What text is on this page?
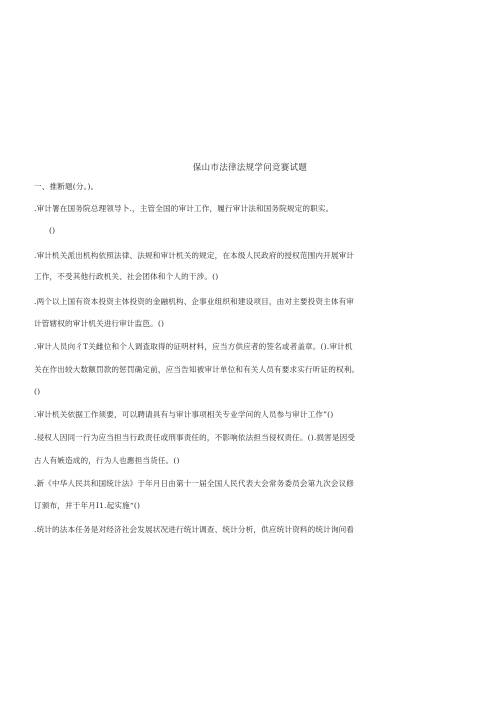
保山市法律法规学问竞赛试题
一、推断题(分。)。
.审计署在国务院总理领导卜.，主管全国的审计工作，履行审计法和国务院规定的职实。
()
.审计机关派出机构依照法律、法规和审计机关的规定，在本级人民政府的授权范围内开展审计
工作，不受其他行政机关、社会团体和个人的干涉。()
.两个以上国有资本投资主体投资的金融机构、企事业组织和建设项目，由对主要投资主体有审
计管辖权的审计机关进行审计监笆。()
.审计人员向彳T关雌位和个人调査取得的证明材料，应当方供应者的签名或者盖章。().审计机
关在作出较大数额罚款的惩罚确定前，应当告知被审计单位和有关人员有要求实行听证的权利。
()
.审计机关依据工作须要，可以聘请具有与审计事项相关专业学问的人员参与审计工作”()
.侵权人因同一行为应当担当行政责任或刑事责任的，不影响依法担当侵权责任。().损害是因受
古人有嫉造成的，行为人也應担当货任。()
.新《中华人民共和国统计法》于年月日由第十一届全国人民代表大会常务委员会第九次会议修
订颁布，并于年月I1.起实施“()
.统计的法本任务是对经济社会发展状况进行统计调查、统计分析，供应统计资料的统计询问看
